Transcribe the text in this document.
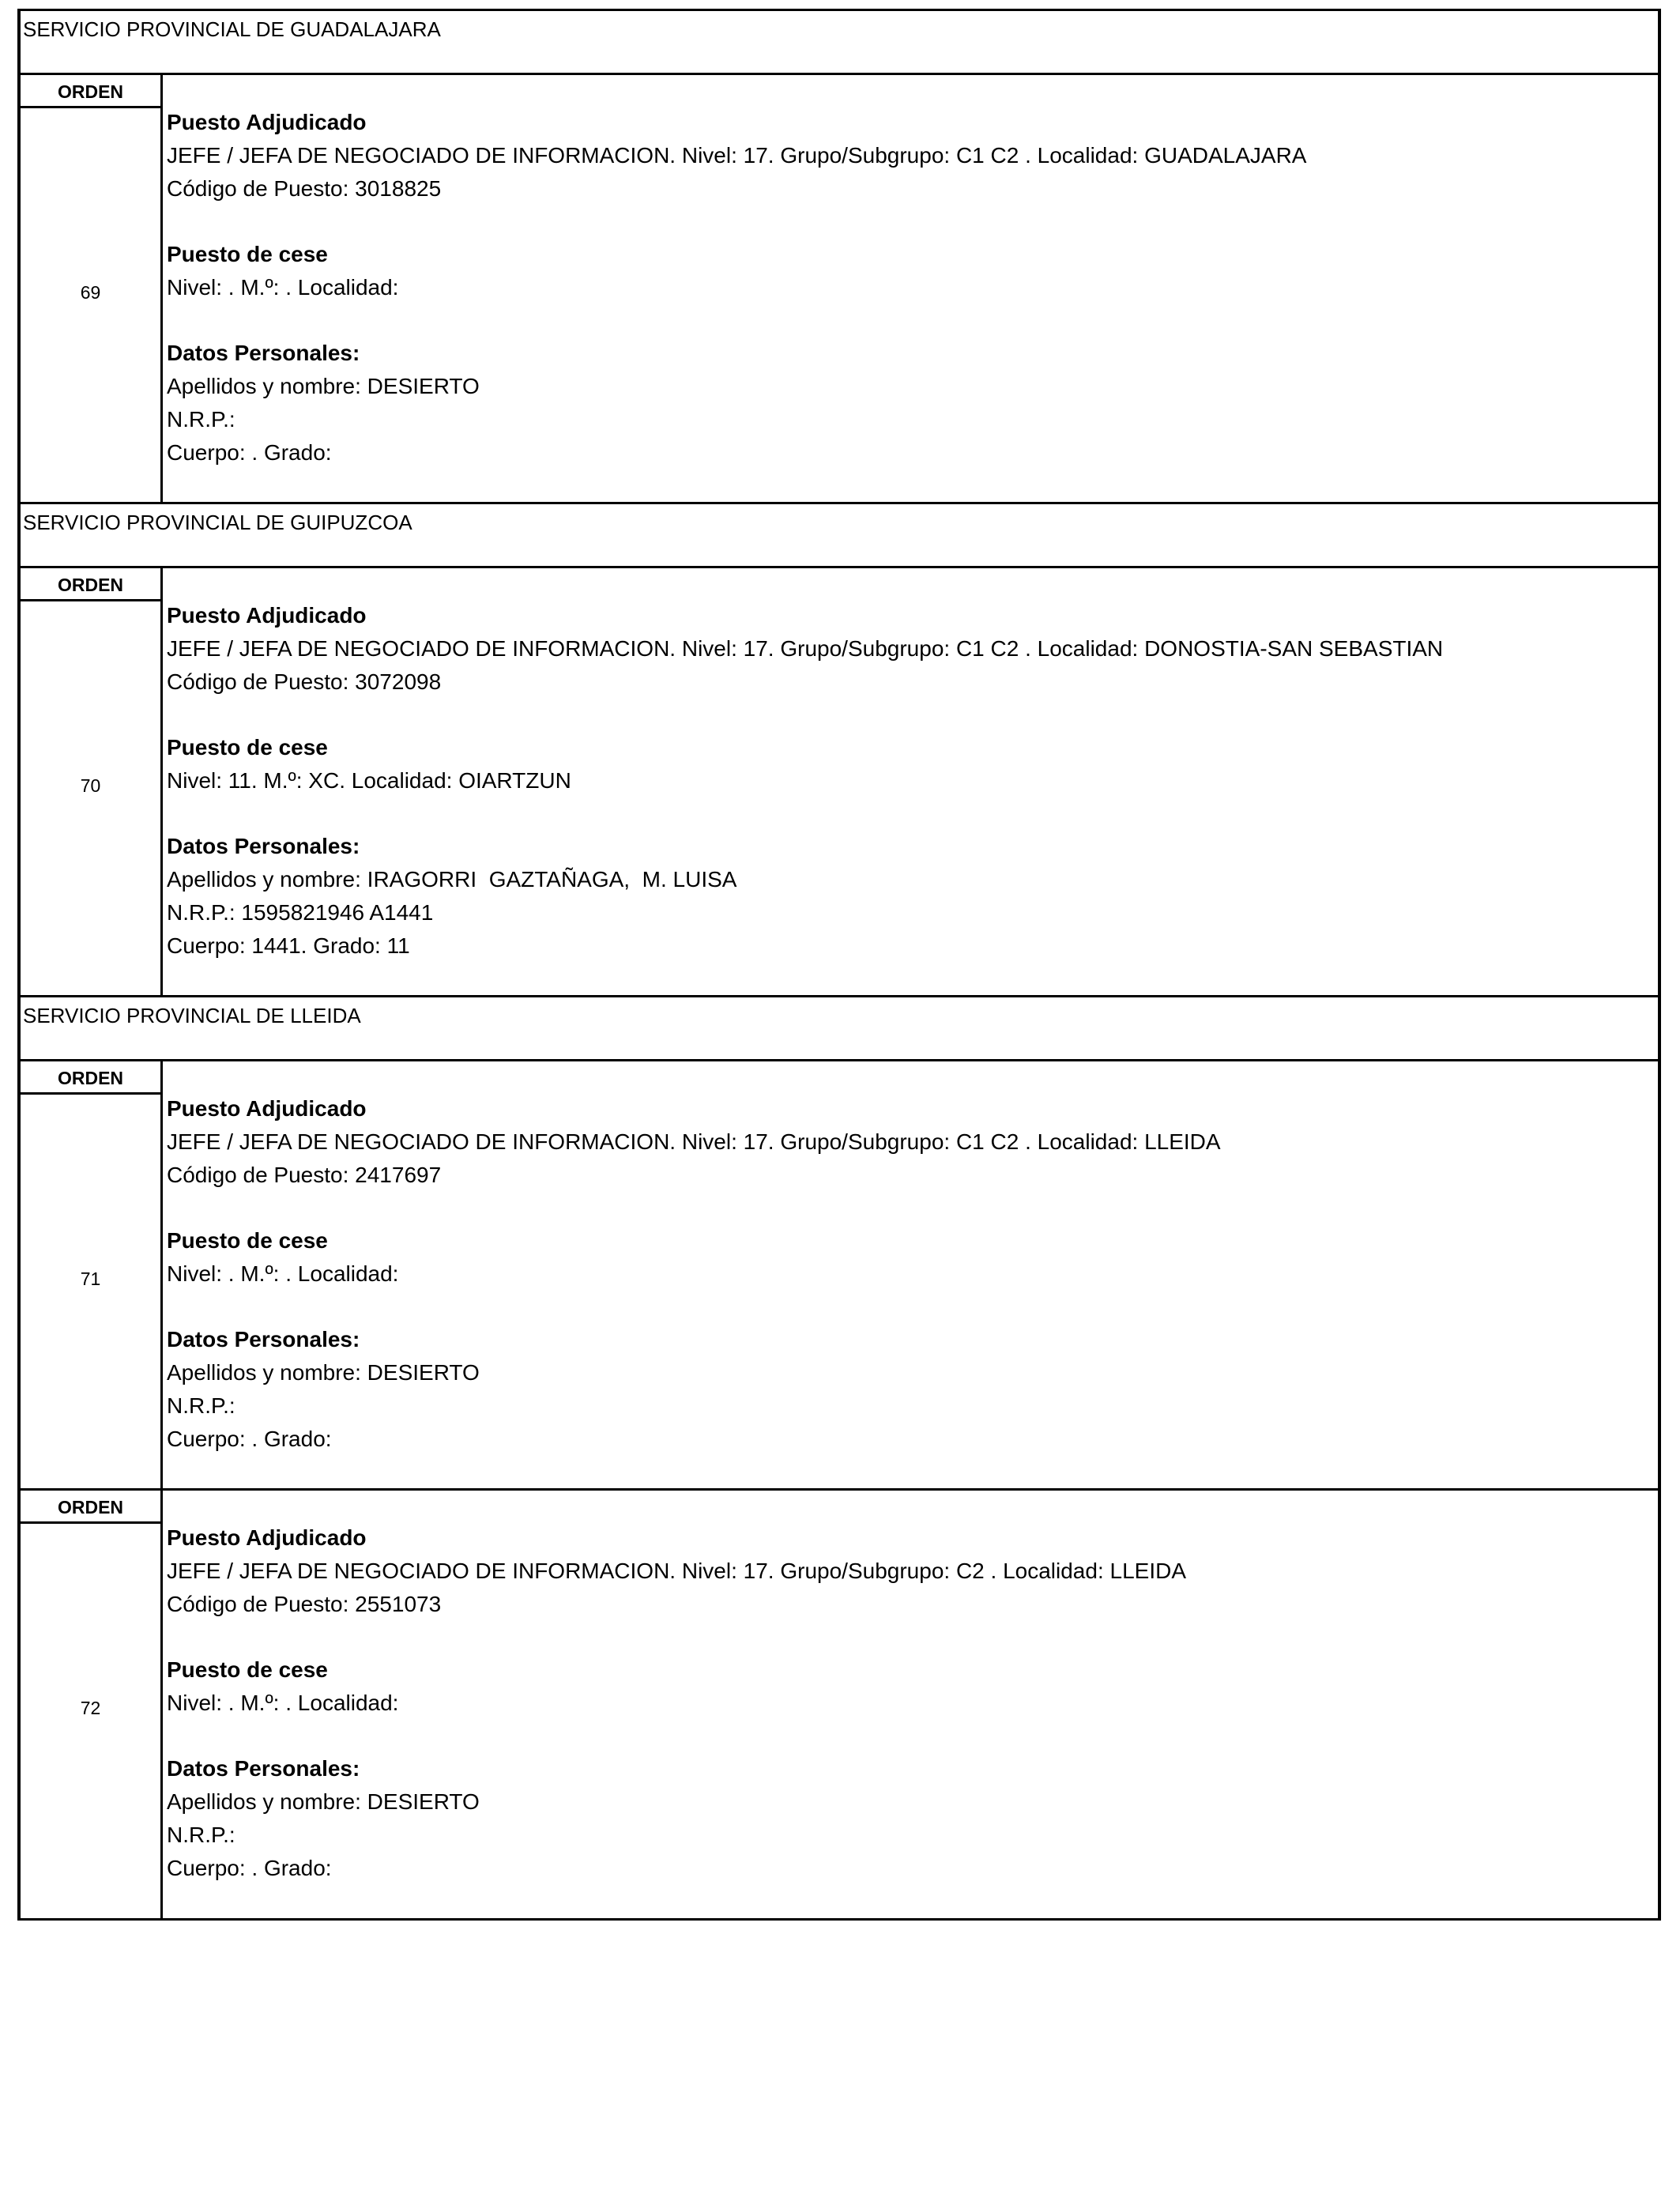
SERVICIO PROVINCIAL DE GUADALAJARA
ORDEN
69
Puesto Adjudicado
JEFE / JEFA DE NEGOCIADO DE INFORMACION. Nivel: 17. Grupo/Subgrupo: C1 C2 . Localidad: GUADALAJARA
Código de Puesto: 3018825
Puesto de cese
Nivel: . M.º: . Localidad:
Datos Personales:
Apellidos y nombre: DESIERTO
N.R.P.:
Cuerpo: . Grado:
SERVICIO PROVINCIAL DE GUIPUZCOA
ORDEN
70
Puesto Adjudicado
JEFE / JEFA DE NEGOCIADO DE INFORMACION. Nivel: 17. Grupo/Subgrupo: C1 C2 . Localidad: DONOSTIA-SAN SEBASTIAN
Código de Puesto: 3072098
Puesto de cese
Nivel: 11. M.º: XC. Localidad: OIARTZUN
Datos Personales:
Apellidos y nombre: IRAGORRI  GAZTAÑAGA,  M. LUISA
N.R.P.: 1595821946 A1441
Cuerpo: 1441. Grado: 11
SERVICIO PROVINCIAL DE LLEIDA
ORDEN
71
Puesto Adjudicado
JEFE / JEFA DE NEGOCIADO DE INFORMACION. Nivel: 17. Grupo/Subgrupo: C1 C2 . Localidad: LLEIDA
Código de Puesto: 2417697
Puesto de cese
Nivel: . M.º: . Localidad:
Datos Personales:
Apellidos y nombre: DESIERTO
N.R.P.:
Cuerpo: . Grado:
ORDEN
72
Puesto Adjudicado
JEFE / JEFA DE NEGOCIADO DE INFORMACION. Nivel: 17. Grupo/Subgrupo: C2 . Localidad: LLEIDA
Código de Puesto: 2551073
Puesto de cese
Nivel: . M.º: . Localidad:
Datos Personales:
Apellidos y nombre: DESIERTO
N.R.P.:
Cuerpo: . Grado:
